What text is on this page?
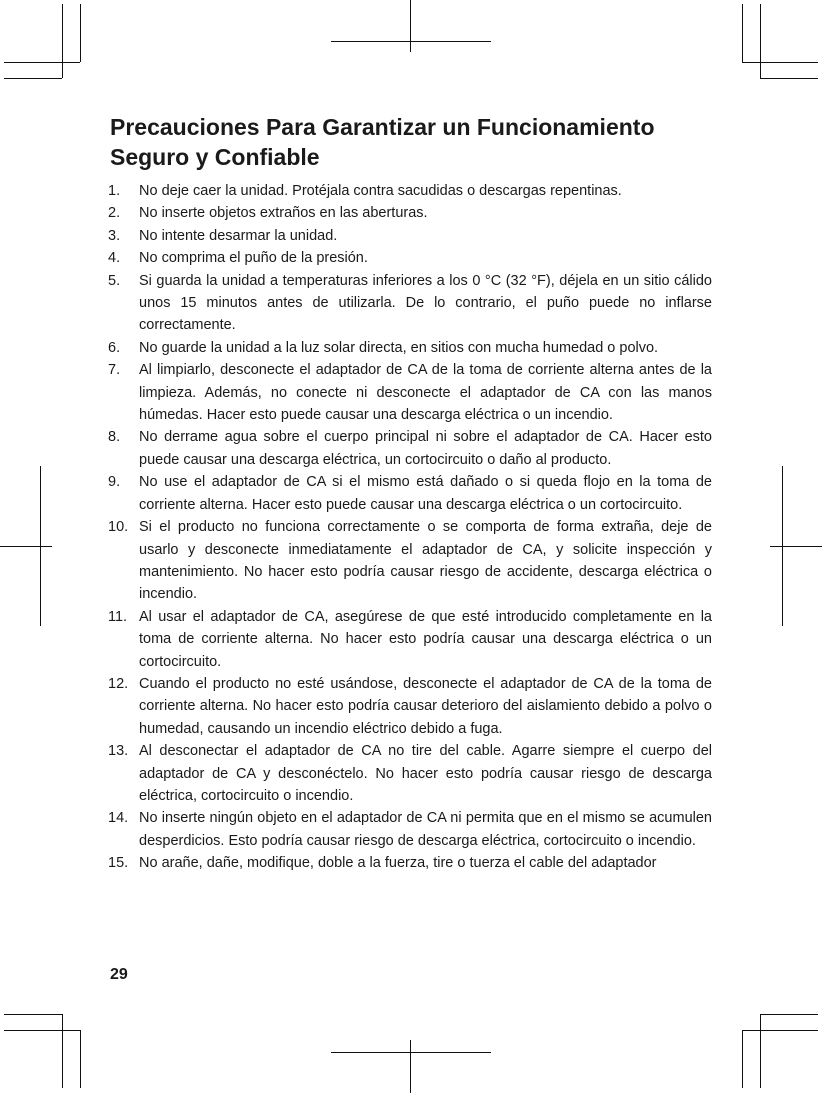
Precauciones Para Garantizar un Funcionamiento
Seguro y Confiable
1. No deje caer la unidad. Protéjala contra sacudidas o descargas repentinas.
2. No inserte objetos extraños en las aberturas.
3. No intente desarmar la unidad.
4. No comprima el puño de la presión.
5. Si guarda la unidad a temperaturas inferiores a los 0 °C (32 °F), déjela en un sitio cálido unos 15 minutos antes de utilizarla. De lo contrario, el puño puede no inflarse correctamente.
6. No guarde la unidad a la luz solar directa, en sitios con mucha humedad o polvo.
7. Al limpiarlo, desconecte el adaptador de CA de la toma de corriente alterna antes de la limpieza. Además, no conecte ni desconecte el adaptador de CA con las manos húmedas. Hacer esto puede causar una descarga eléctrica o un incendio.
8. No derrame agua sobre el cuerpo principal ni sobre el adaptador de CA. Hacer esto puede causar una descarga eléctrica, un cortocircuito o daño al producto.
9. No use el adaptador de CA si el mismo está dañado o si queda flojo en la toma de corriente alterna. Hacer esto puede causar una descarga eléctrica o un cortocircuito.
10. Si el producto no funciona correctamente o se comporta de forma extraña, deje de usarlo y desconecte inmediatamente el adaptador de CA, y solicite inspección y mantenimiento. No hacer esto podría causar riesgo de accidente, descarga eléctrica o incendio.
11. Al usar el adaptador de CA, asegúrese de que esté introducido completamente en la toma de corriente alterna. No hacer esto podría causar una descarga eléctrica o un cortocircuito.
12. Cuando el producto no esté usándose, desconecte el adaptador de CA de la toma de corriente alterna. No hacer esto podría causar deterioro del aislamiento debido a polvo o humedad, causando un incendio eléctrico debido a fuga.
13. Al desconectar el adaptador de CA no tire del cable. Agarre siempre el cuerpo del adaptador de CA y desconéctelo. No hacer esto podría causar riesgo de descarga eléctrica, cortocircuito o incendio.
14. No inserte ningún objeto en el adaptador de CA ni permita que en el mismo se acumulen desperdicios. Esto podría causar riesgo de descarga eléctrica, cortocircuito o incendio.
15. No arañe, dañe, modifique, doble a la fuerza, tire o tuerza el cable del adaptador
29
